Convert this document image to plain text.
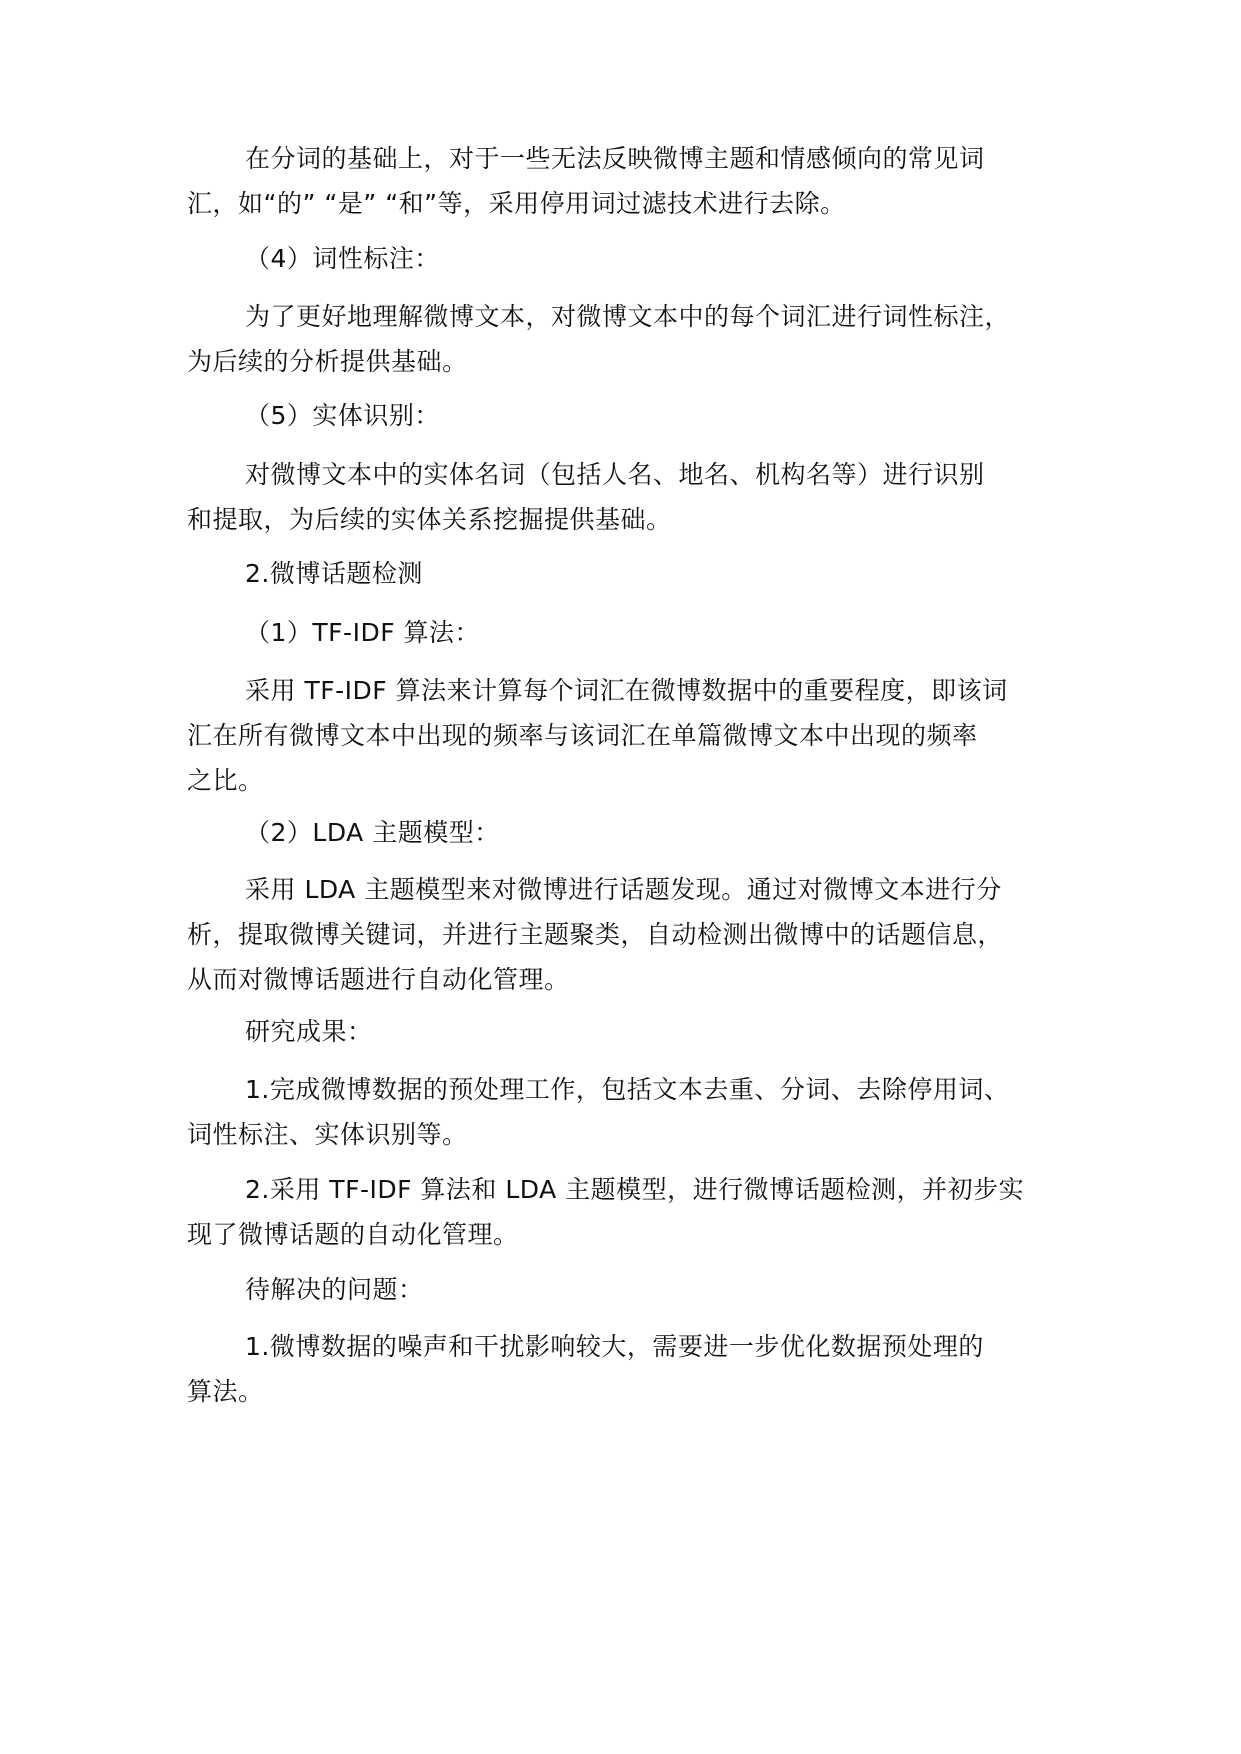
在分词的基础上，对于一些无法反映微博主题和情感倾向的常见词
汇，如“的” “是” “和”等，采用停用词过滤技术进行去除。
（4）词性标注：
为了更好地理解微博文本，对微博文本中的每个词汇进行词性标注，
为后续的分析提供基础。
（5）实体识别：
对微博文本中的实体名词（包括人名、地名、机构名等）进行识别
和提取，为后续的实体关系挖掘提供基础。
2.微博话题检测
（1）TF-IDF 算法：
采用 TF-IDF 算法来计算每个词汇在微博数据中的重要程度，即该词
汇在所有微博文本中出现的频率与该词汇在单篇微博文本中出现的频率
之比。
（2）LDA 主题模型：
采用 LDA 主题模型来对微博进行话题发现。通过对微博文本进行分
析，提取微博关键词，并进行主题聚类，自动检测出微博中的话题信息，
从而对微博话题进行自动化管理。
研究成果：
1.完成微博数据的预处理工作，包括文本去重、分词、去除停用词、
词性标注、实体识别等。
2.采用 TF-IDF 算法和 LDA 主题模型，进行微博话题检测，并初步实
现了微博话题的自动化管理。
待解决的问题：
1.微博数据的噪声和干扰影响较大，需要进一步优化数据预处理的
算法。
